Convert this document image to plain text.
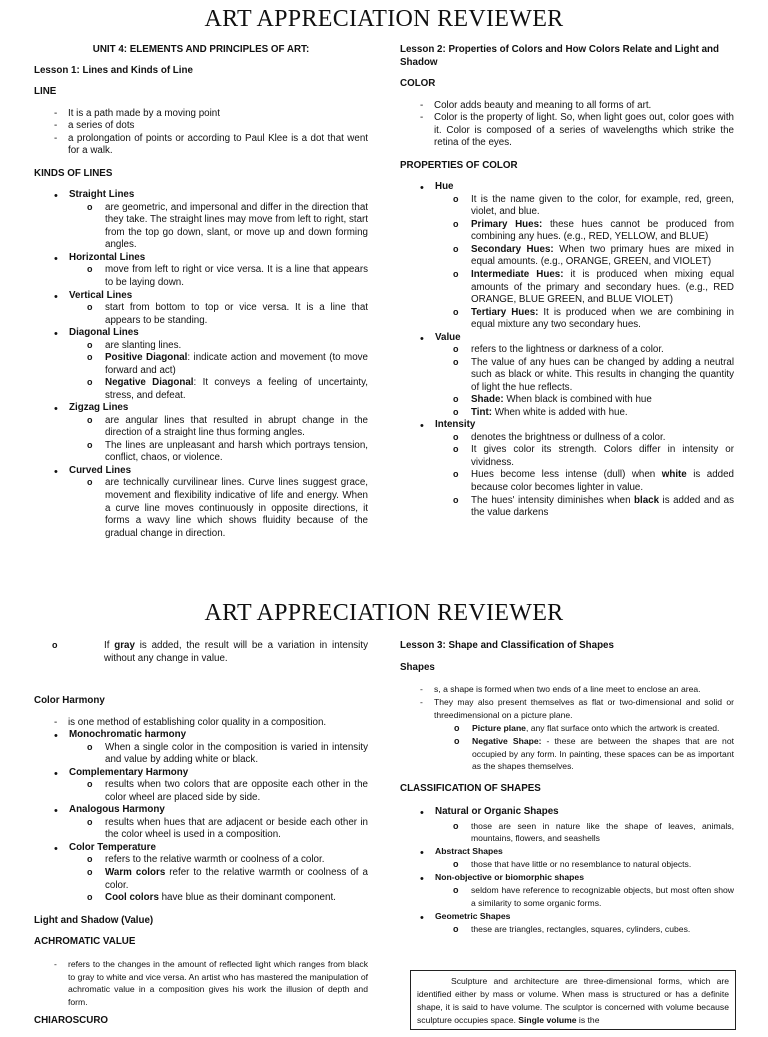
ART APPRECIATION REVIEWER
UNIT 4: ELEMENTS AND PRINCIPLES OF ART:
Lesson 1: Lines and Kinds of Line
LINE
- It is a path made by a moving point
- a series of dots
- a prolongation of points or according to Paul Klee is a dot that went for a walk.
KINDS OF LINES
• Straight Lines
o are geometric, and impersonal and differ in the direction that they take. The straight lines may move from left to right, start from the top go down, slant, or move up and down forming angles.
• Horizontal Lines
o move from left to right or vice versa. It is a line that appears to be laying down.
• Vertical Lines
o start from bottom to top or vice versa. It is a line that appears to be standing.
• Diagonal Lines
o are slanting lines.
o Positive Diagonal: indicate action and movement (to move forward and act)
o Negative Diagonal: It conveys a feeling of uncertainty, stress, and defeat.
• Zigzag Lines
o are angular lines that resulted in abrupt change in the direction of a straight line thus forming angles.
o The lines are unpleasant and harsh which portrays tension, conflict, chaos, or violence.
• Curved Lines
o are technically curvilinear lines. Curve lines suggest grace, movement and flexibility indicative of life and energy. When a curve line moves continuously in opposite directions, it forms a wavy line which shows fluidity because of the gradual change in direction.
Lesson 2: Properties of Colors and How Colors Relate and Light and Shadow
COLOR
- Color adds beauty and meaning to all forms of art.
- Color is the property of light. So, when light goes out, color goes with it. Color is composed of a series of wavelengths which strike the retina of the eyes.
PROPERTIES OF COLOR
• Hue
o It is the name given to the color, for example, red, green, violet, and blue.
o Primary Hues: these hues cannot be produced from combining any hues. (e.g., RED, YELLOW, and BLUE)
o Secondary Hues: When two primary hues are mixed in equal amounts. (e.g., ORANGE, GREEN, and VIOLET)
o Intermediate Hues: it is produced when mixing equal amounts of the primary and secondary hues. (e.g., RED ORANGE, BLUE GREEN, and BLUE VIOLET)
o Tertiary Hues: It is produced when we are combining in equal mixture any two secondary hues.
• Value
o refers to the lightness or darkness of a color.
o The value of any hues can be changed by adding a neutral such as black or white. This results in changing the quantity of light the hue reflects.
o Shade: When black is combined with hue
o Tint: When white is added with hue.
• Intensity
o denotes the brightness or dullness of a color.
o It gives color its strength. Colors differ in intensity or vividness.
o Hues become less intense (dull) when white is added because color becomes lighter in value.
o The hues' intensity diminishes when black is added and as the value darkens
ART APPRECIATION REVIEWER
o If gray is added, the result will be a variation in intensity without any change in value.
Color Harmony
- is one method of establishing color quality in a composition.
• Monochromatic harmony
o When a single color in the composition is varied in intensity and value by adding white or black.
• Complementary Harmony
o results when two colors that are opposite each other in the color wheel are placed side by side.
• Analogous Harmony
o results when hues that are adjacent or beside each other in the color wheel is used in a composition.
• Color Temperature
o refers to the relative warmth or coolness of a color.
o Warm colors refer to the relative warmth or coolness of a color.
o Cool colors have blue as their dominant component.
Light and Shadow (Value)
ACHROMATIC VALUE
- refers to the changes in the amount of reflected light which ranges from black to gray to white and vice versa. An artist who has mastered the manipulation of achromatic value in a composition gives his work the illusion of depth and form.
CHIAROSCURO
Lesson 3: Shape and Classification of Shapes
Shapes
- s, a shape is formed when two ends of a line meet to enclose an area.
- They may also present themselves as flat or two-dimensional and solid or threedimensional on a picture plane.
o Picture plane, any flat surface onto which the artwork is created.
o Negative Shape: - these are between the shapes that are not occupied by any form. In painting, these spaces can be as important as the shapes themselves.
CLASSIFICATION OF SHAPES
• Natural or Organic Shapes
o those are seen in nature like the shape of leaves, animals, mountains, flowers, and seashells
• Abstract Shapes
o those that have little or no resemblance to natural objects.
• Non-objective or biomorphic shapes
o seldom have reference to recognizable objects, but most often show a similarity to some organic forms.
• Geometric Shapes
o these are triangles, rectangles, squares, cylinders, cubes.
Sculpture and architecture are three-dimensional forms, which are identified either by mass or volume. When mass is structured or has a definite shape, it is said to have volume. The sculptor is concerned with volume because sculpture occupies space. Single volume is the
